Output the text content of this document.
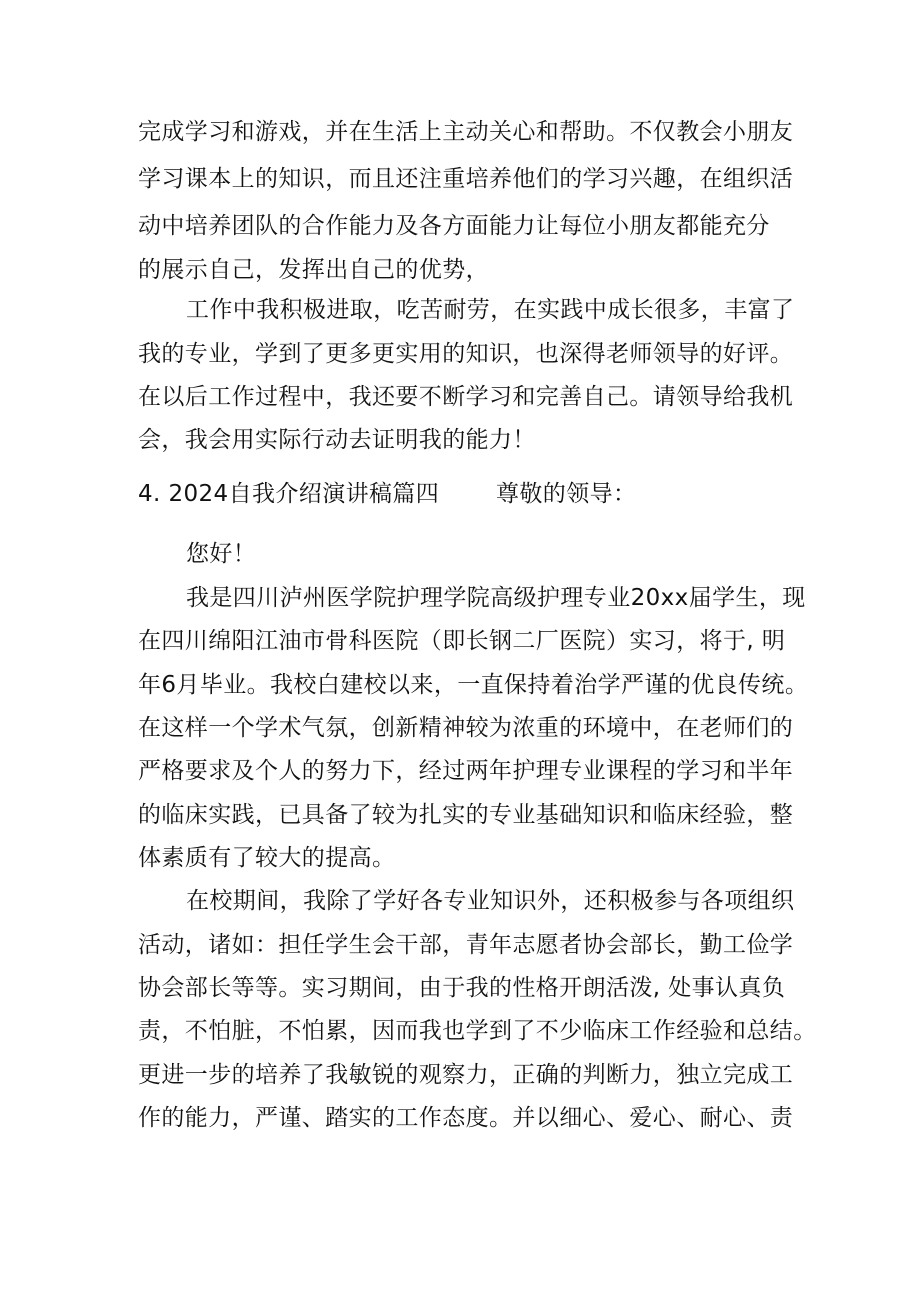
完成学习和游戏，并在生活上主动关心和帮助。不仅教会小朋友
学习课本上的知识，而且还注重培养他们的学习兴趣，在组织活
动中培养团队的合作能力及各方面能力让每位小朋友都能充分
的展示自己，发挥出自己的优势，
工作中我积极进取，吃苦耐劳，在实践中成长很多，丰富了
我的专业，学到了更多更实用的知识，也深得老师领导的好评。
在以后工作过程中，我还要不断学习和完善自己。请领导给我机
会，我会用实际行动去证明我的能力！
4. 2024自我介绍演讲稿篇四 尊敬的领导：
您好！
我是四川泸州医学院护理学院高级护理专业20xx届学生，现
在四川绵阳江油市骨科医院（即长钢二厂医院）实习，将于, 明
年6月毕业。我校白建校以来，一直保持着治学严谨的优良传统。
在这样一个学术气氛，创新精神较为浓重的环境中，在老师们的
严格要求及个人的努力下，经过两年护理专业课程的学习和半年
的临床实践，已具备了较为扎实的专业基础知识和临床经验，整
体素质有了较大的提高。
在校期间，我除了学好各专业知识外，还积极参与各项组织
活动，诸如：担任学生会干部，青年志愿者协会部长，勤工俭学
协会部长等等。实习期间，由于我的性格开朗活泼, 处事认真负
责，不怕脏，不怕累，因而我也学到了不少临床工作经验和总结。
更进一步的培养了我敏锐的观察力，正确的判断力，独立完成工
作的能力，严谨、踏实的工作态度。并以细心、爱心、耐心、责
